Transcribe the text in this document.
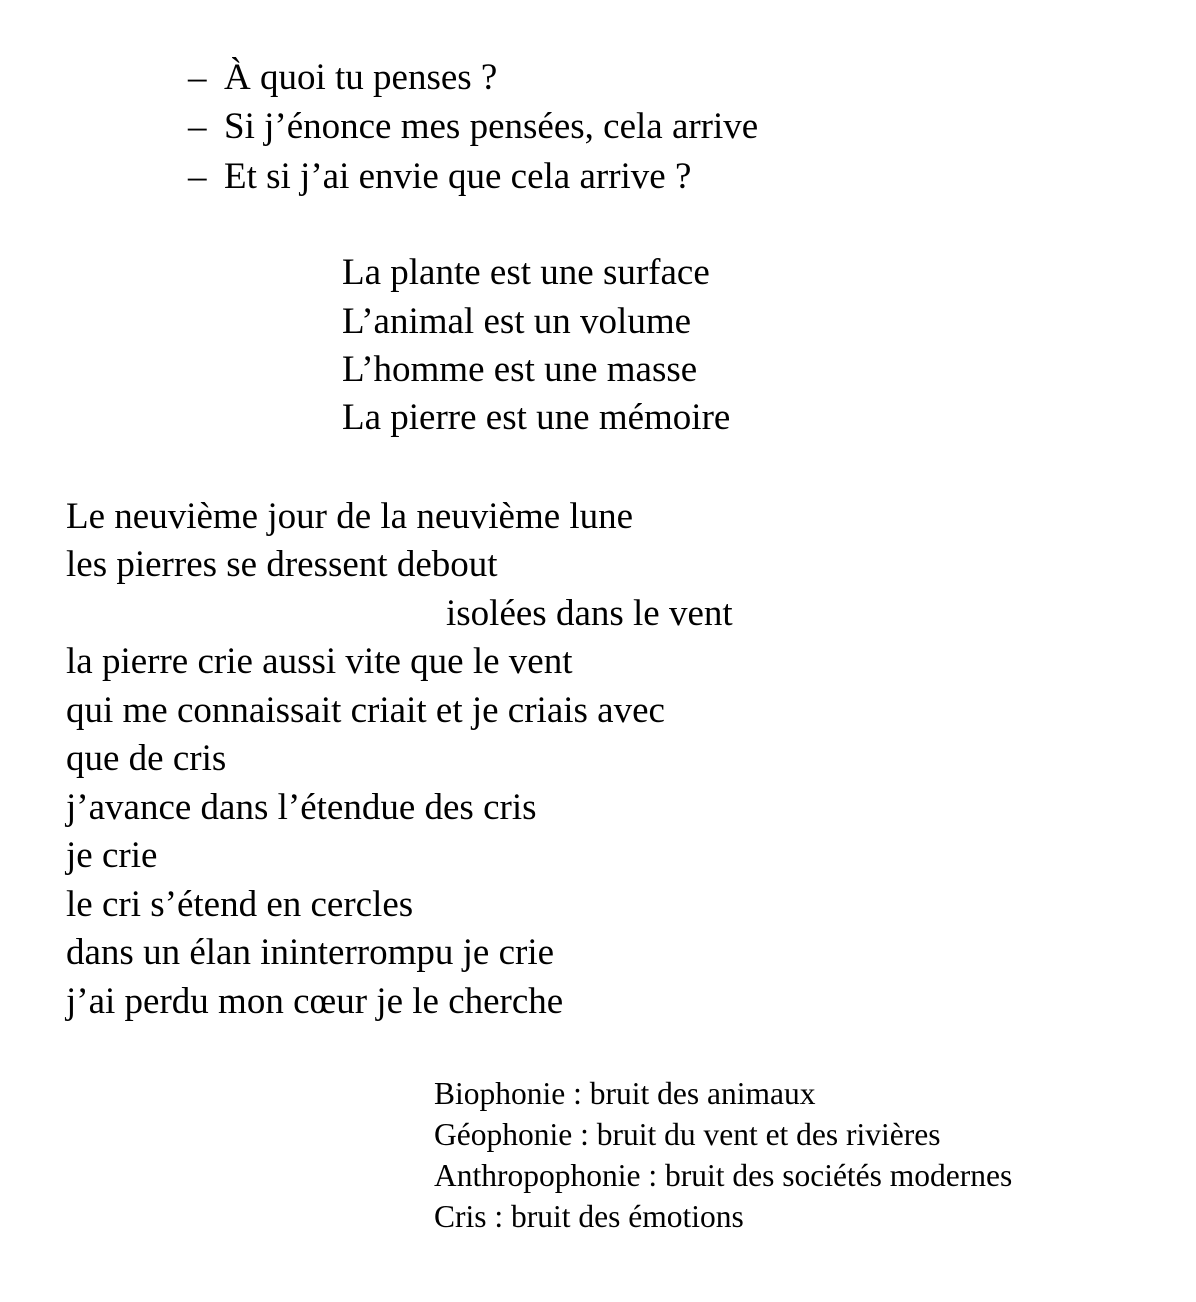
– À quoi tu penses ?
– Si j’énonce mes pensées, cela arrive
– Et si j’ai envie que cela arrive ?
La plante est une surface
L’animal est un volume
L’homme est une masse
La pierre est une mémoire
Le neuvième jour de la neuvième lune
les pierres se dressent debout
isolées dans le vent
la pierre crie aussi vite que le vent
qui me connaissait criait et je criais avec
que de cris
j’avance dans l’étendue des cris
je crie
le cri s’étend en cercles
dans un élan ininterrompu je crie
j’ai perdu mon cœur je le cherche
Biophonie : bruit des animaux
Géophonie : bruit du vent et des rivières
Anthropophonie : bruit des sociétés modernes
Cris : bruit des émotions
